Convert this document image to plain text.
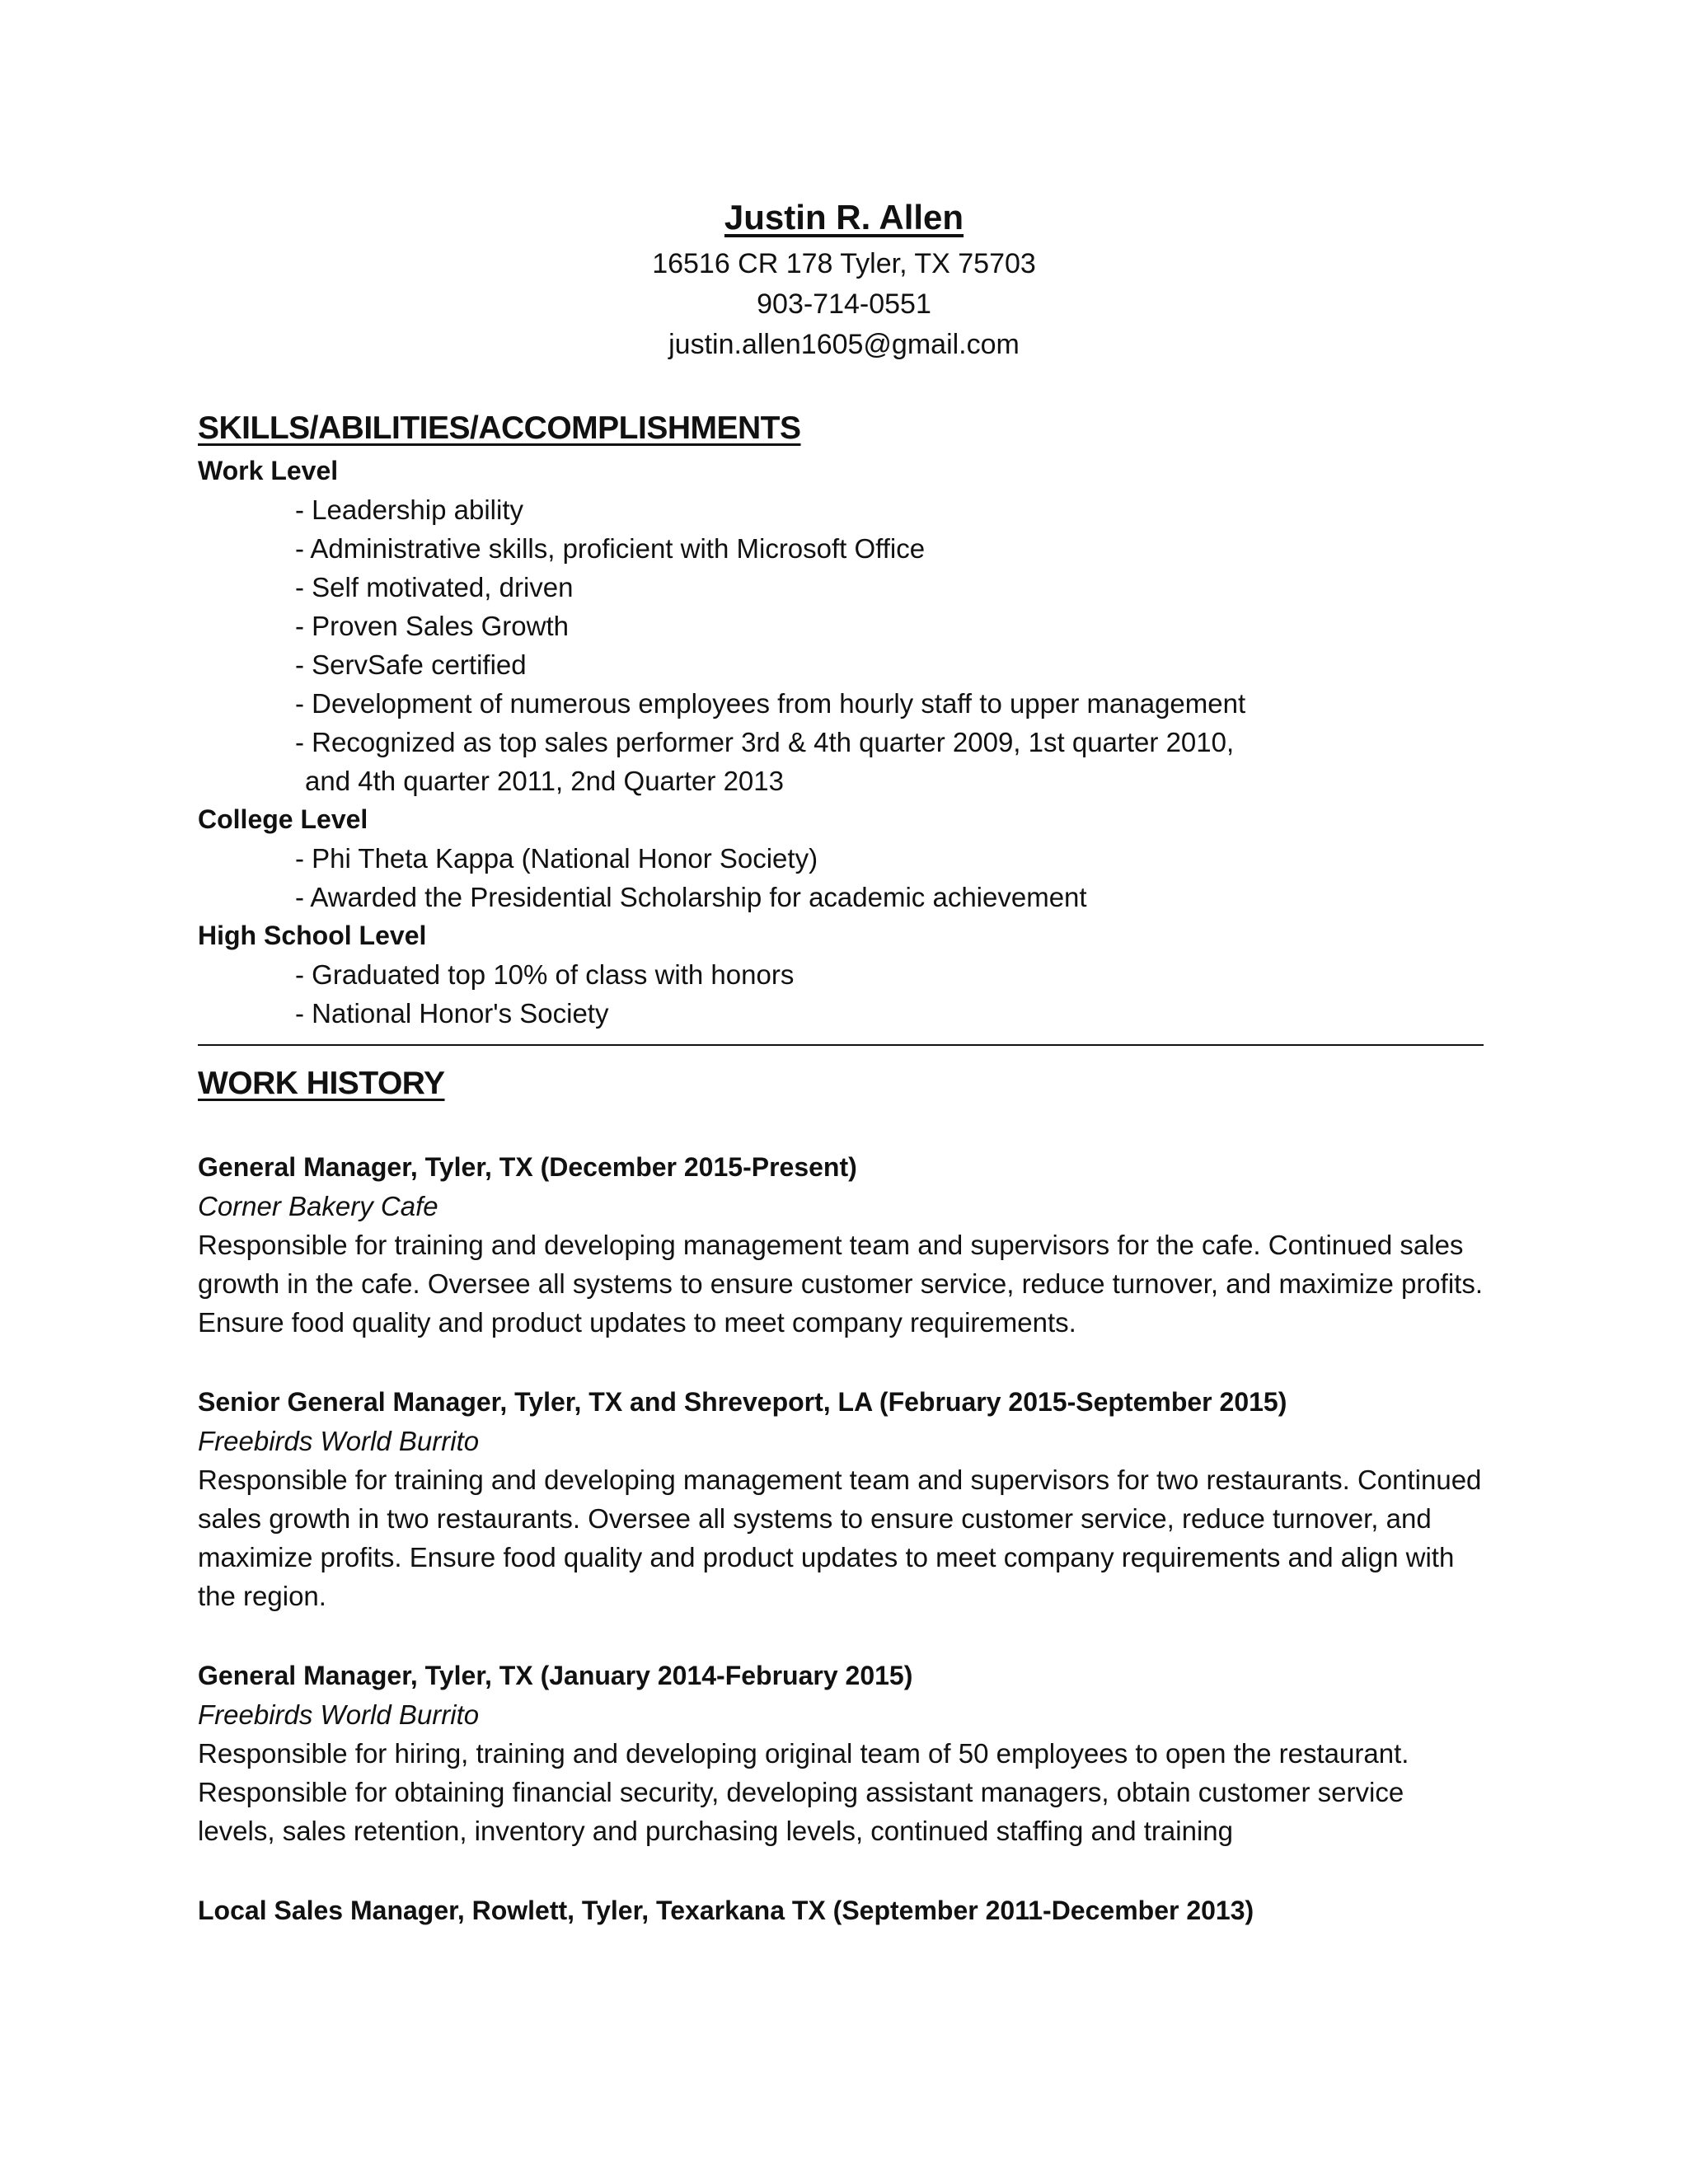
Justin R. Allen
16516 CR 178 Tyler, TX 75703
903-714-0551
justin.allen1605@gmail.com
SKILLS/ABILITIES/ACCOMPLISHMENTS
Work Level
- Leadership ability
- Administrative skills, proficient with Microsoft Office
- Self motivated, driven
- Proven Sales Growth
- ServSafe certified
- Development of numerous employees from hourly staff to upper management
- Recognized as top sales performer 3rd & 4th quarter 2009, 1st quarter 2010,
and 4th quarter 2011, 2nd Quarter 2013
College Level
- Phi Theta Kappa (National Honor Society)
- Awarded the Presidential Scholarship for academic achievement
High School Level
- Graduated top 10% of class with honors
- National Honor's Society
WORK HISTORY
General Manager, Tyler, TX (December 2015-Present)
Corner Bakery Cafe
Responsible for training and developing management team and supervisors for the cafe. Continued sales growth in the cafe. Oversee all systems to ensure customer service, reduce turnover, and maximize profits. Ensure food quality and product updates to meet company requirements.
Senior General Manager, Tyler, TX and Shreveport, LA (February 2015-September 2015)
Freebirds World Burrito
Responsible for training and developing management team and supervisors for two restaurants. Continued sales growth in two restaurants. Oversee all systems to ensure customer service, reduce turnover, and maximize profits. Ensure food quality and product updates to meet company requirements and align with the region.
General Manager, Tyler, TX (January 2014-February 2015)
Freebirds World Burrito
Responsible for hiring, training and developing original team of 50 employees to open the restaurant. Responsible for obtaining financial security, developing assistant managers, obtain customer service levels, sales retention, inventory and purchasing levels, continued staffing and training
Local Sales Manager, Rowlett, Tyler, Texarkana TX (September 2011-December 2013)
